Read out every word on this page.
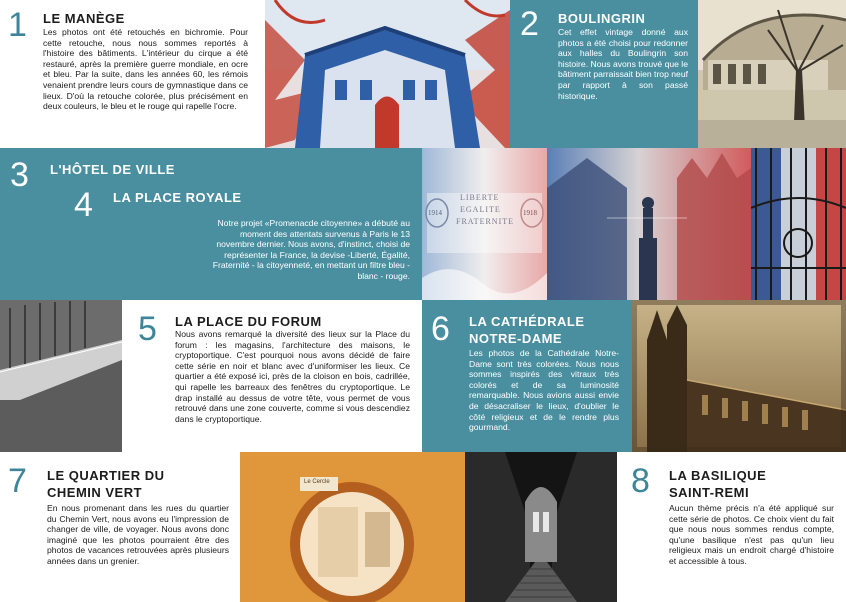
1 LE MANÈGE
Les photos ont été retouchés en bichromie. Pour cette retouche, nous nous sommes reportés à l'histoire des bâtiments. L'intérieur du cirque a été restauré, après la première guerre mondiale, en ocre et bleu. Par la suite, dans les années 60, les rémois venaient prendre leurs cours de gymnastique dans ce lieux. D'où la retouche colorée, plus précisément en deux couleurs, le bleu et le rouge qui rapelle l'ocre.
2 BOULINGRIN
Cet effet vintage donné aux photos a été choisi pour redonner aux halles du Boulingrin son histoire. Nous avons trouvé que le bâtiment parraissait bien trop neuf par rapport à son passé historique.
3 L'HÔTEL DE VILLE
4 LA PLACE ROYALE
Notre projet «Promenacde citoyenne» a débuté au moment des attentats survenus à Paris le 13 novembre dernier. Nous avons, d'instinct, choisi de représenter la France, la devise -Liberté, Égalité, Fraternité - la citoyenneté, en mettant un filtre bleu - blanc - rouge.
1914	1918
LIBERTE
EGALITE
FRATERNITE
5 LA PLACE DU FORUM
Nous avons remarqué la diversité des lieux sur la Place du forum : les magasins, l'architecture des maisons, le cryptoportique. C'est pourquoi nous avons décidé de faire cette série en noir et blanc avec d'uniformiser les lieux. Ce quartier a été exposé ici, près de la cloison en bois, cadrillée, qui rapelle les barreaux des fenêtres du cryptoportique. Le drap installé au dessus de votre tête, vous permet de vous retrouvé dans une zone couverte, comme si vous descendiez dans le cryptoportique.
6 LA CATHÉDRALE
NOTRE-DAME
Les photos de la Cathédrale Notre-Dame sont très colorées. Nous nous sommes inspirés des vitraux très colorés et de sa luminosité remarquable. Nous avions aussi envie de désacraliser le lieux, d'oublier le côté religieux et de le rendre plus gourmand.
7 LE QUARTIER DU
CHEMIN VERT
En nous promenant dans les rues du quartier du Chemin Vert, nous avons eu l'impression de changer de ville, de voyager. Nous avons donc imaginé que les photos pourraient être des photos de vacances retrouvées après plusieurs années dans un grenier.
Le Cercle	8 LA BASILIQUE
SAINT-REMI
Aucun thème précis n'a été appliqué sur cette série de photos. Ce choix vient du fait que nous nous sommes rendus compte, qu'une basilique n'est pas qu'un lieu religieux mais un endroit chargé d'histoire et accessible à tous.
